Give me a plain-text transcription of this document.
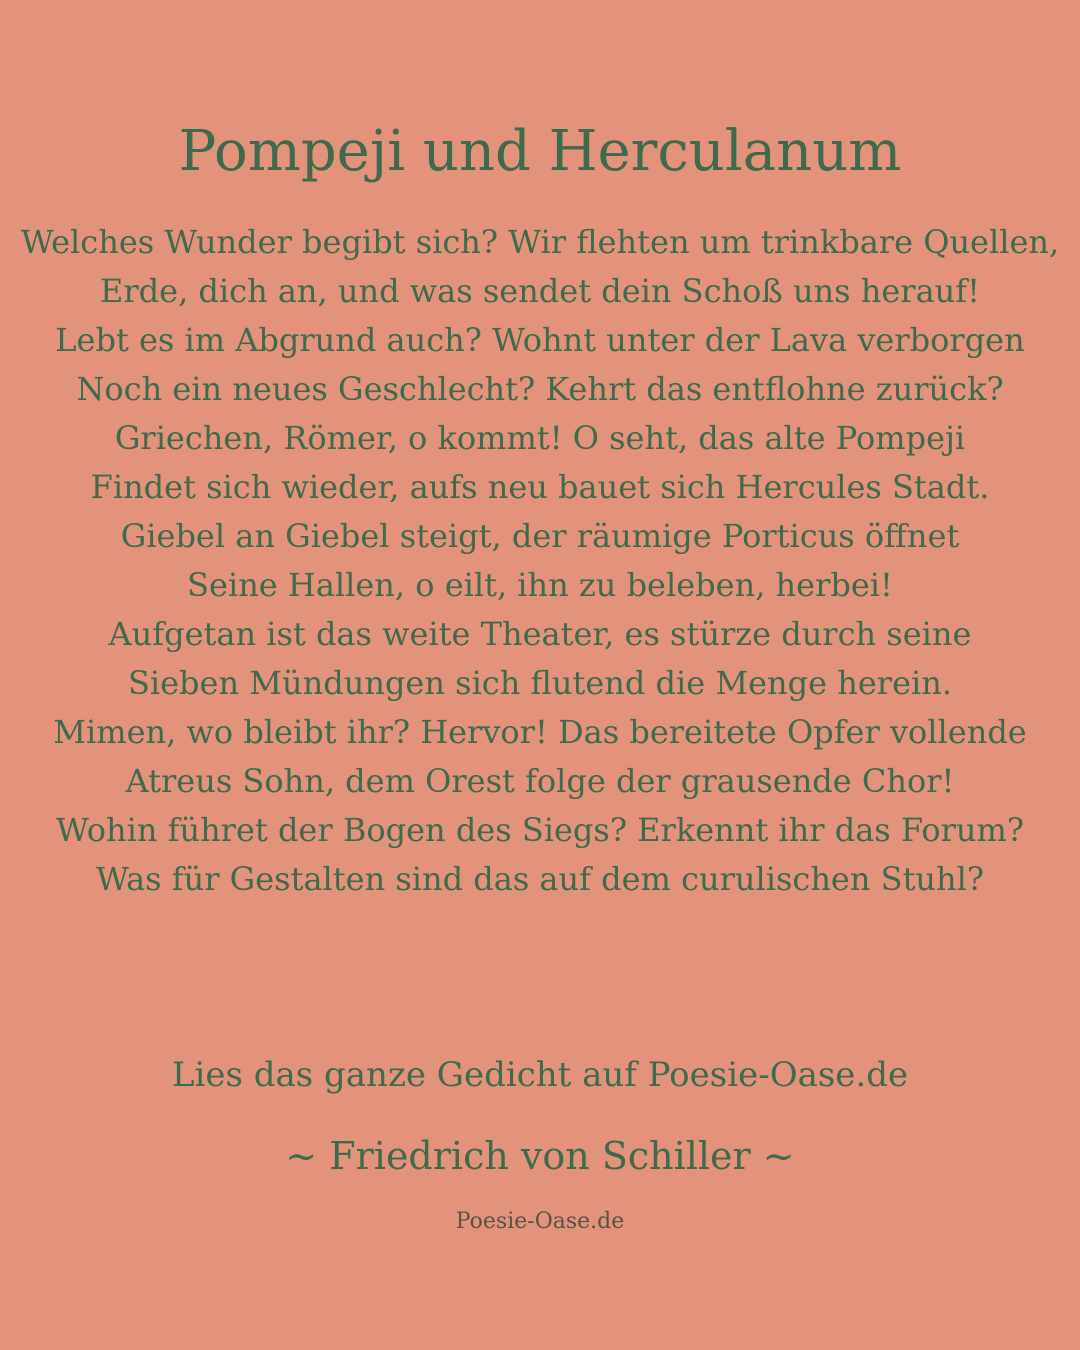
Pompeji und Herculanum
Welches Wunder begibt sich? Wir flehten um trinkbare Quellen,
Erde, dich an, und was sendet dein Schoß uns herauf!
Lebt es im Abgrund auch? Wohnt unter der Lava verborgen
Noch ein neues Geschlecht? Kehrt das entflohne zurück?
Griechen, Römer, o kommt! O seht, das alte Pompeji
Findet sich wieder, aufs neu bauet sich Hercules Stadt.
Giebel an Giebel steigt, der räumige Porticus öffnet
Seine Hallen, o eilt, ihn zu beleben, herbei!
Aufgetan ist das weite Theater, es stürze durch seine
Sieben Mündungen sich flutend die Menge herein.
Mimen, wo bleibt ihr? Hervor! Das bereitete Opfer vollende
Atreus Sohn, dem Orest folge der grausende Chor!
Wohin führet der Bogen des Siegs? Erkennt ihr das Forum?
Was für Gestalten sind das auf dem curulischen Stuhl?
Lies das ganze Gedicht auf Poesie-Oase.de
~ Friedrich von Schiller ~
Poesie-Oase.de
